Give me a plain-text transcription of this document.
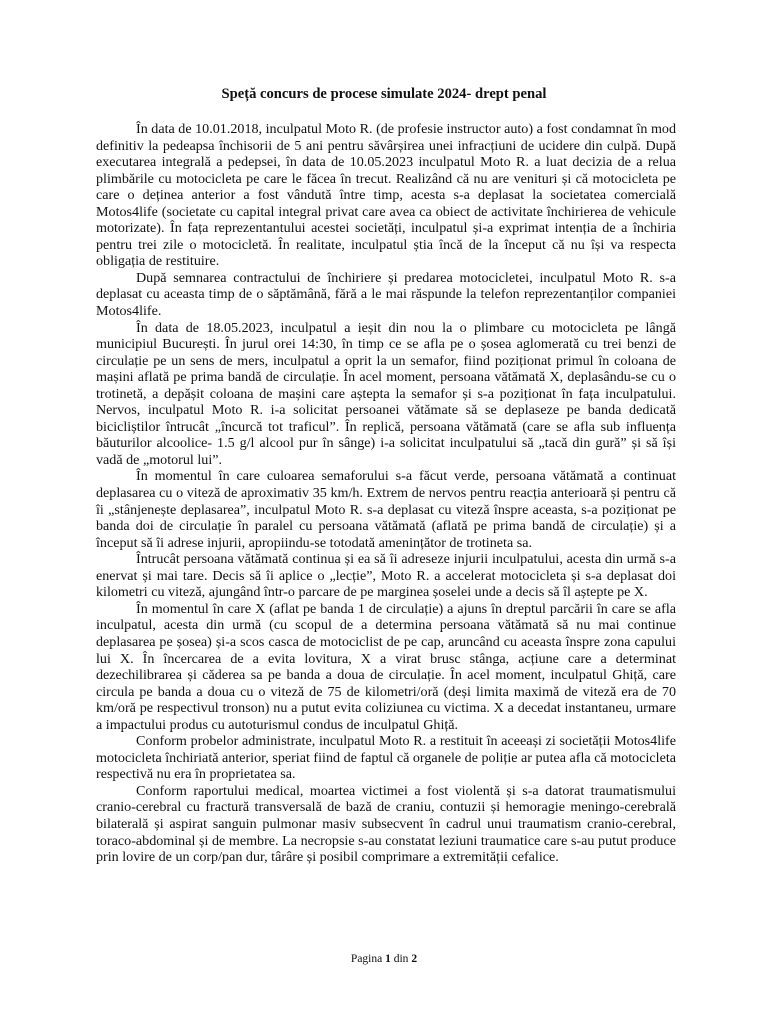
Speță concurs de procese simulate 2024- drept penal

În data de 10.01.2018, inculpatul Moto R. (de profesie instructor auto) a fost condamnat în mod definitiv la pedeapsa închisorii de 5 ani pentru săvârșirea unei infracțiuni de ucidere din culpă. După executarea integrală a pedepsei, în data de 10.05.2023 inculpatul Moto R. a luat decizia de a relua plimbările cu motocicleta pe care le făcea în trecut. Realizând că nu are venituri și că motocicleta pe care o deținea anterior a fost vândută între timp, acesta s-a deplasat la societatea comercială Motos4life (societate cu capital integral privat care avea ca obiect de activitate închirierea de vehicule motorizate). În fața reprezentantului acestei societăți, inculpatul și-a exprimat intenția de a închiria pentru trei zile o motocicletă. În realitate, inculpatul știa încă de la început că nu își va respecta obligația de restituire.

După semnarea contractului de închiriere și predarea motocicletei, inculpatul Moto R. s-a deplasat cu aceasta timp de o săptămână, fără a le mai răspunde la telefon reprezentanților companiei Motos4life.

În data de 18.05.2023, inculpatul a ieșit din nou la o plimbare cu motocicleta pe lângă municipiul București. În jurul orei 14:30, în timp ce se afla pe o șosea aglomerată cu trei benzi de circulație pe un sens de mers, inculpatul a oprit la un semafor, fiind poziționat primul în coloana de mașini aflată pe prima bandă de circulație. În acel moment, persoana vătămată X, deplasându-se cu o trotinetă, a depășit coloana de mașini care aștepta la semafor și s-a poziționat în fața inculpatului. Nervos, inculpatul Moto R. i-a solicitat persoanei vătămate să se deplaseze pe banda dedicată bicicliștilor întrucât „încurcă tot traficul”. În replică, persoana vătămată (care se afla sub influența băuturilor alcoolice- 1.5 g/l alcool pur în sânge) i-a solicitat inculpatului să „tacă din gură” și să își vadă de „motorul lui”.

În momentul în care culoarea semaforului s-a făcut verde, persoana vătămată a continuat deplasarea cu o viteză de aproximativ 35 km/h. Extrem de nervos pentru reacția anterioară și pentru că îi „stânjenește deplasarea”, inculpatul Moto R. s-a deplasat cu viteză înspre aceasta, s-a poziționat pe banda doi de circulație în paralel cu persoana vătămată (aflată pe prima bandă de circulație) și a început să îi adrese injurii, apropiindu-se totodată amenințător de trotineta sa.

Întrucât persoana vătămată continua și ea să îi adreseze injurii inculpatului, acesta din urmă s-a enervat și mai tare. Decis să îi aplice o „lecție”, Moto R. a accelerat motocicleta și s-a deplasat doi kilometri cu viteză, ajungând într-o parcare de pe marginea șoselei unde a decis să îl aștepte pe X.

În momentul în care X (aflat pe banda 1 de circulație) a ajuns în dreptul parcării în care se afla inculpatul, acesta din urmă (cu scopul de a determina persoana vătămată să nu mai continue deplasarea pe șosea) și-a scos casca de motociclist de pe cap, aruncând cu aceasta înspre zona capului lui X. În încercarea de a evita lovitura, X a virat brusc stânga, acțiune care a determinat dezechilibrarea și căderea sa pe banda a doua de circulație. În acel moment, inculpatul Ghiță, care circula pe banda a doua cu o viteză de 75 de kilometri/oră (deși limita maximă de viteză era de 70 km/oră pe respectivul tronson) nu a putut evita coliziunea cu victima. X a decedat instantaneu, urmare a impactului produs cu autoturismul condus de inculpatul Ghiță.

Conform probelor administrate, inculpatul Moto R. a restituit în aceeași zi societății Motos4life motocicleta închiriată anterior, speriat fiind de faptul că organele de poliție ar putea afla că motocicleta respectivă nu era în proprietatea sa.

Conform raportului medical, moartea victimei a fost violentă și s-a datorat traumatismului cranio-cerebral cu fractură transversală de bază de craniu, contuzii și hemoragie meningo-cerebrală bilaterală și aspirat sanguin pulmonar masiv subsecvent în cadrul unui traumatism cranio-cerebral, toraco-abdominal și de membre. La necropsie s-au constatat leziuni traumatice care s-au putut produce prin lovire de un corp/pan dur, târâre și posibil comprimare a extremității cefalice.

Pagina 1 din 2
